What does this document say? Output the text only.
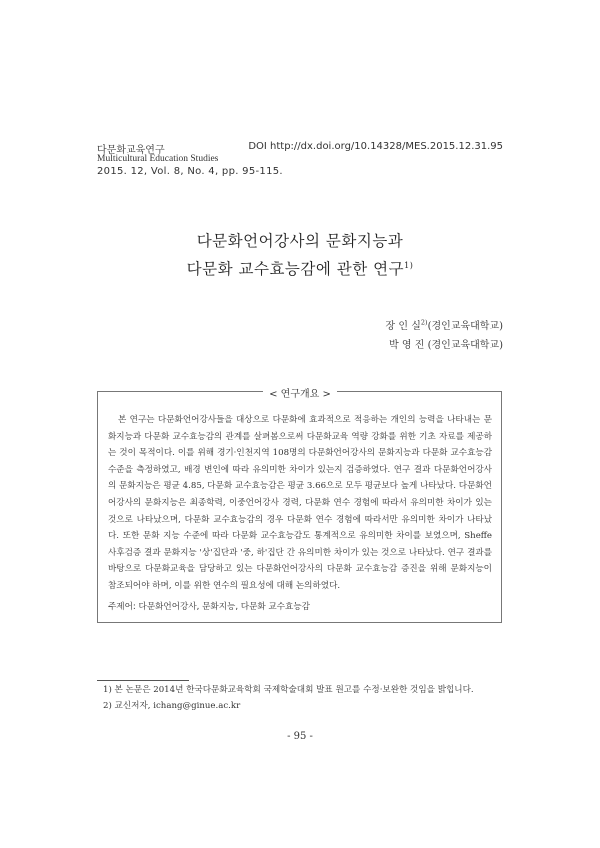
다문화교육연구
Multicultural Education Studies
2015. 12, Vol. 8, No. 4, pp. 95-115.
DOI http://dx.doi.org/10.14328/MES.2015.12.31.95
다문화언어강사의 문화지능과
다문화 교수효능감에 관한 연구$^{1)}$
장 인 실$^{2)}$(경인교육대학교)
박 영 진 (경인교육대학교)
< 연구개요 >
본 연구는 다문화언어강사들을 대상으로 다문화에 효과적으로 적응하는 개인의 능력을 나타내는 문화지능과 다문화 교수효능감의 관계를 살펴봄으로써 다문화교육 역량 강화를 위한 기초 자료를 제공하는 것이 목적이다. 이를 위해 경기·인천지역 108명의 다문화언어강사의 문화지능과 다문화 교수효능감 수준을 측정하였고, 배경 변인에 따라 유의미한 차이가 있는지 검증하였다. 연구 결과 다문화언어강사의 문화지능은 평균 4.85, 다문화 교수효능감은 평균 3.66으로 모두 평균보다 높게 나타났다. 다문화언어강사의 문화지능은 최종학력, 이중언어강사 경력, 다문화 연수 경험에 따라서 유의미한 차이가 있는 것으로 나타났으며, 다문화 교수효능감의 경우 다문화 연수 경험에 따라서만 유의미한 차이가 나타났다. 또한 문화 지능 수준에 따라 다문화 교수효능감도 통계적으로 유의미한 차이를 보였으며, Sheffe 사후검증 결과 문화지능 '상'집단과 '중, 하'집단 간 유의미한 차이가 있는 것으로 나타났다. 연구 결과를 바탕으로 다문화교육을 담당하고 있는 다문화언어강사의 다문화 교수효능감 증진을 위해 문화지능이 참조되어야 하며, 이를 위한 연수의 필요성에 대해 논의하였다.
주제어: 다문화언어강사, 문화지능, 다문화 교수효능감
1) 본 논문은 2014년 한국다문화교육학회 국제학술대회 발표 원고를 수정·보완한 것임을 밝힙니다.
2) 교신저자, ichang@ginue.ac.kr
- 95 -
